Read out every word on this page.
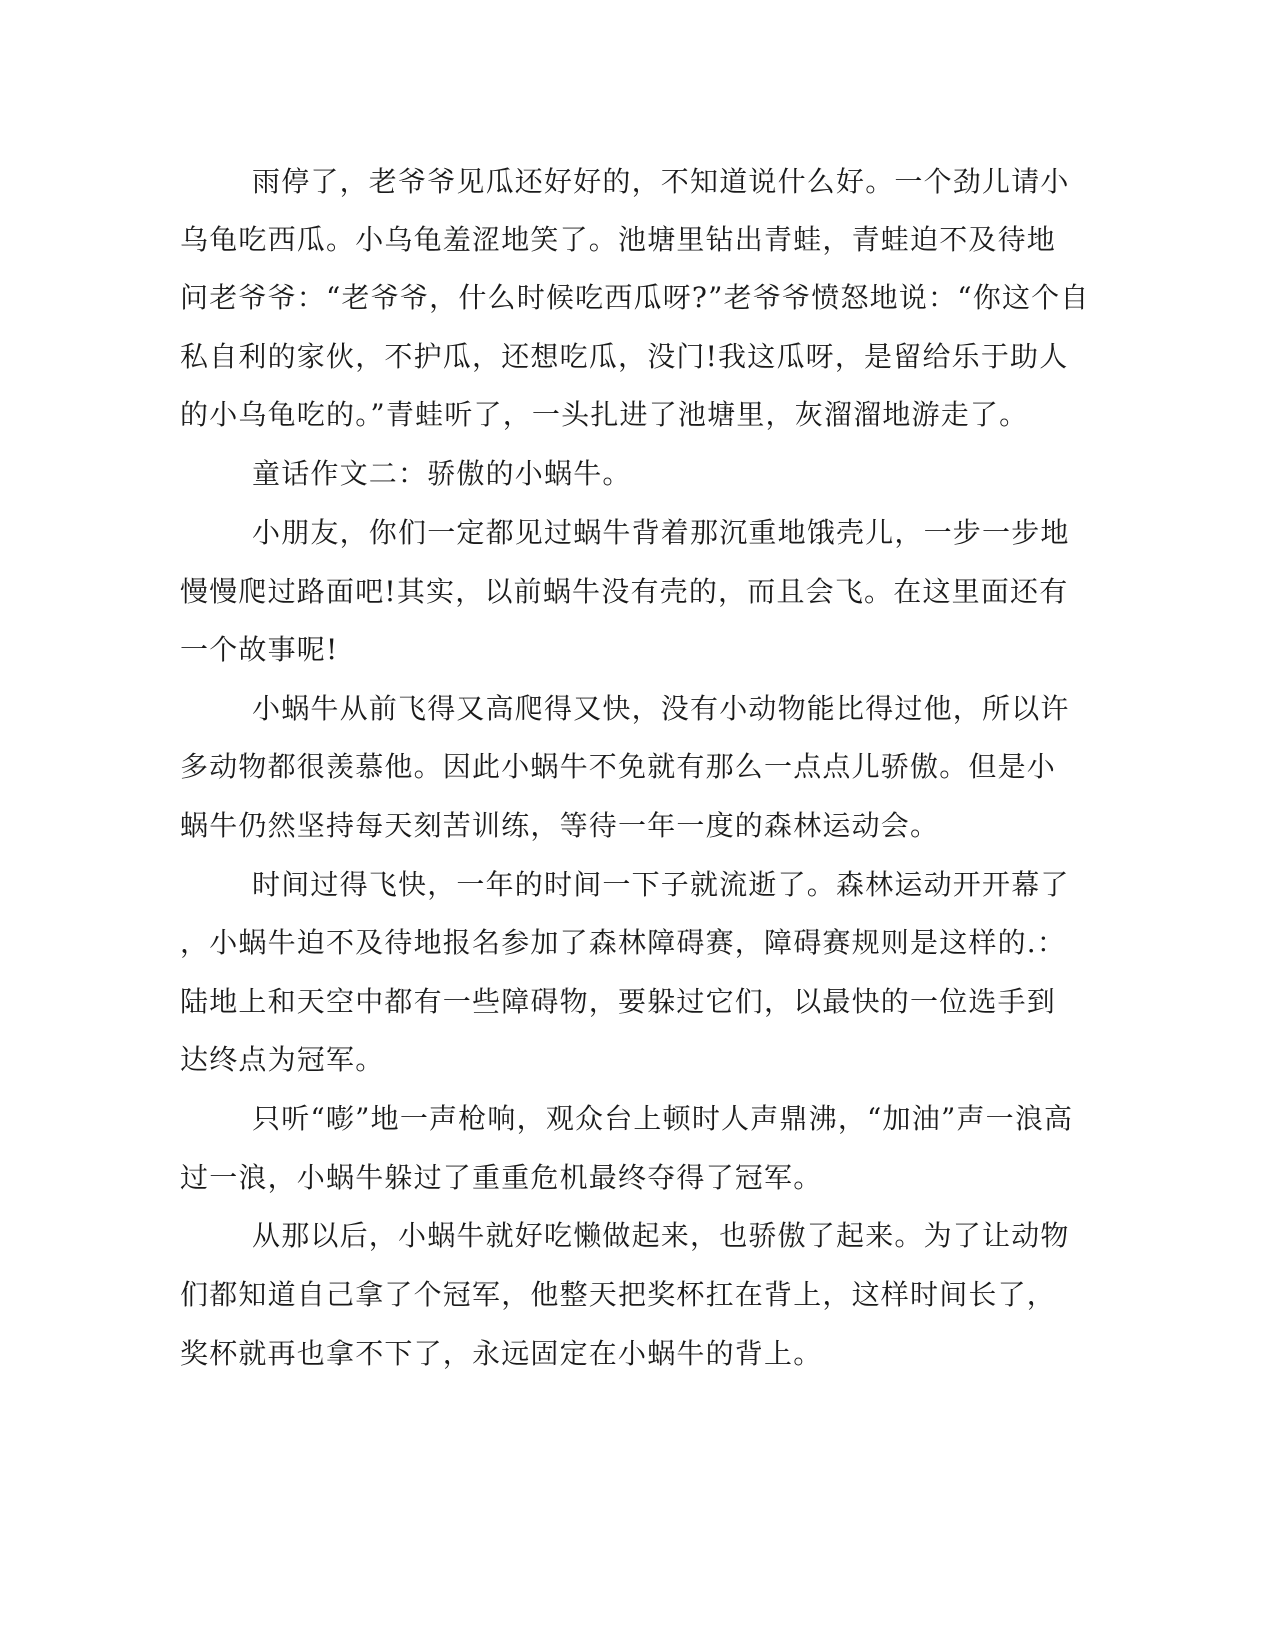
雨停了，老爷爷见瓜还好好的，不知道说什么好。一个劲儿请小
乌龟吃西瓜。小乌龟羞涩地笑了。池塘里钻出青蛙，青蛙迫不及待地
问老爷爷：“老爷爷，什么时候吃西瓜呀?”老爷爷愤怒地说：“你这个自
私自利的家伙，不护瓜，还想吃瓜，没门!我这瓜呀，是留给乐于助人
的小乌龟吃的。”青蛙听了，一头扎进了池塘里，灰溜溜地游走了。
童话作文二：骄傲的小蜗牛。
小朋友，你们一定都见过蜗牛背着那沉重地饿壳儿，一步一步地
慢慢爬过路面吧!其实，以前蜗牛没有壳的，而且会飞。在这里面还有
一个故事呢!
小蜗牛从前飞得又高爬得又快，没有小动物能比得过他，所以许
多动物都很羡慕他。因此小蜗牛不免就有那么一点点儿骄傲。但是小
蜗牛仍然坚持每天刻苦训练，等待一年一度的森林运动会。
时间过得飞快，一年的时间一下子就流逝了。森林运动开开幕了
，小蜗牛迫不及待地报名参加了森林障碍赛，障碍赛规则是这样的.：
陆地上和天空中都有一些障碍物，要躲过它们，以最快的一位选手到
达终点为冠军。
只听“嘭”地一声枪响，观众台上顿时人声鼎沸，“加油”声一浪高
过一浪，小蜗牛躲过了重重危机最终夺得了冠军。
从那以后，小蜗牛就好吃懒做起来，也骄傲了起来。为了让动物
们都知道自己拿了个冠军，他整天把奖杯扛在背上，这样时间长了，
奖杯就再也拿不下了，永远固定在小蜗牛的背上。
